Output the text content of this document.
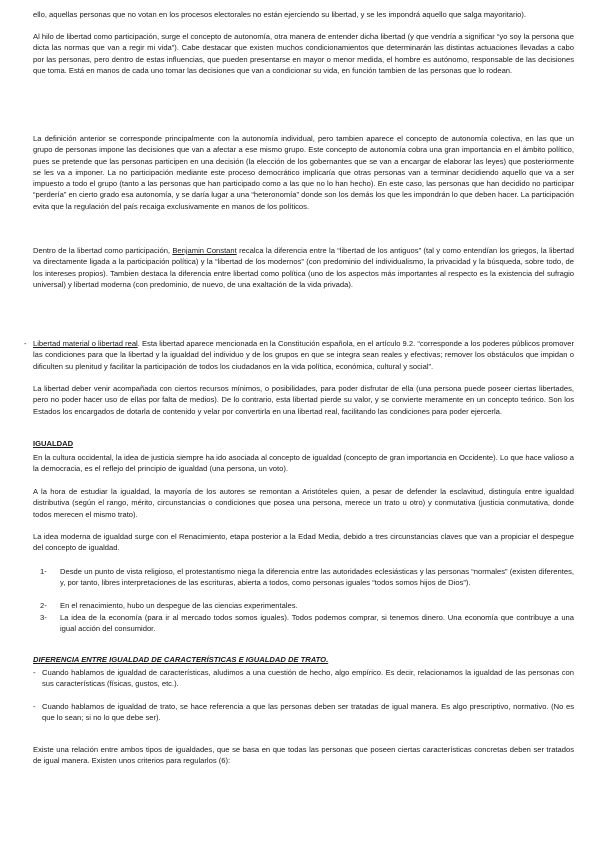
ello, aquellas personas que no votan en los procesos electorales no están ejerciendo su libertad, y se les impondrá aquello que salga mayoritario).

Al hilo de libertad como participación, surge el concepto de autonomía, otra manera de entender dicha libertad (y que vendría a significar “yo soy la persona que dicta las normas que van a regir mi vida”). Cabe destacar que existen muchos condicionamientos que determinarán las distintas actuaciones llevadas a cabo por las personas, pero dentro de estas influencias, que pueden presentarse en mayor o menor medida, el hombre es autónomo, responsable de las decisiones que toma. Está en manos de cada uno tomar las decisiones que van a condicionar su vida, en función tambien de las personas que lo rodean.

La definición anterior se corresponde principalmente con la autonomía individual, pero tambien aparece el concepto de autonomía colectiva, en las que un grupo de personas impone las decisiones que van a afectar a ese mismo grupo. Este concepto de autonomía cobra una gran importancia en el ámbito político, pues se pretende que las personas participen en una decisión (la elección de los gobernantes que se van a encargar de elaborar las leyes) que posteriormente se les va a imponer. La no participación mediante este proceso democrático implicaría que otras personas van a terminar decidiendo aquello que va a ser impuesto a todo el grupo (tanto a las personas que han participado como a las que no lo han hecho). En este caso, las personas que han decidido no participar “perdería” en cierto grado esa autonomía, y se daría lugar a una “heteronomía” donde son los demás los que les impondrán lo que deben hacer. La participación evita que la regulación del país recaiga exclusivamente en manos de los políticos.

Dentro de la libertad como participación, Benjamin Constant recalca la diferencia entre la “libertad de los antiguos” (tal y como entendían los griegos, la libertad va directamente ligada a la participación política) y la “libertad de los modernos” (con predominio del individualismo, la privacidad y la búsqueda, sobre todo, de los intereses propios). Tambien destaca la diferencia entre libertad como política (uno de los aspectos más importantes al respecto es la existencia del sufragio universal) y libertad moderna (con predominio, de nuevo, de una exaltación de la vida privada).

- Libertad material o libertad real. Esta libertad aparece mencionada en la Constitución española, en el artículo 9.2. “corresponde a los poderes públicos promover las condiciones para que la libertad y la igualdad del individuo y de los grupos en que se integra sean reales y efectivas; remover los obstáculos que impidan o dificulten su plenitud y facilitar la participación de todos los ciudadanos en la vida política, económica, cultural y social”.

La libertad deber venir acompañada con ciertos recursos mínimos, o posibilidades, para poder disfrutar de ella (una persona puede poseer ciertas libertades, pero no poder hacer uso de ellas por falta de medios). De lo contrario, esta libertad pierde su valor, y se convierte meramente en un concepto teórico. Son los Estados los encargados de dotarla de contenido y velar por convertirla en una libertad real, facilitando las condiciones para poder ejercerla.

IGUALDAD

En la cultura occidental, la idea de justicia siempre ha ido asociada al concepto de igualdad (concepto de gran importancia en Occidente). Lo que hace valioso a la democracia, es el reflejo del principio de igualdad (una persona, un voto).

A la hora de estudiar la igualdad, la mayoría de los autores se remontan a Aristóteles quien, a pesar de defender la esclavitud, distinguía entre igualdad distributiva (según el rango, mérito, circunstancias o condiciones que posea una persona, merece un trato u otro) y conmutativa (justicia conmutativa, donde todos merecen el mismo trato).

La idea moderna de igualdad surge con el Renacimiento, etapa posterior a la Edad Media, debido a tres circunstancias claves que van a propiciar el despegue del concepto de igualdad.

1- Desde un punto de vista religioso, el protestantismo niega la diferencia entre las autoridades eclesiásticas y las personas “normales” (existen diferentes, y, por tanto, libres interpretaciones de las escrituras, abierta a todos, como personas iguales “todos somos hijos de Dios”).

2- En el renacimiento, hubo un despegue de las ciencias experimentales.

3- La idea de la economía (para ir al mercado todos somos iguales). Todos podemos comprar, si tenemos dinero. Una economía que contribuye a una igual acción del consumidor.

DIFERENCIA ENTRE IGUALDAD DE CARACTERÍSTICAS E IGUALDAD DE TRATO.

- Cuando hablamos de igualdad de características, aludimos a una cuestión de hecho, algo empírico. Es decir, relacionamos la igualdad de las personas con sus características (físicas, gustos, etc.).

- Cuando hablamos de igualdad de trato, se hace referencia a que las personas deben ser tratadas de igual manera. Es algo prescriptivo, normativo. (No es que lo sean; si no lo que debe ser).

Existe una relación entre ambos tipos de igualdades, que se basa en que todas las personas que poseen ciertas características concretas deben ser tratados de igual manera. Existen unos criterios para regularlos (6):
